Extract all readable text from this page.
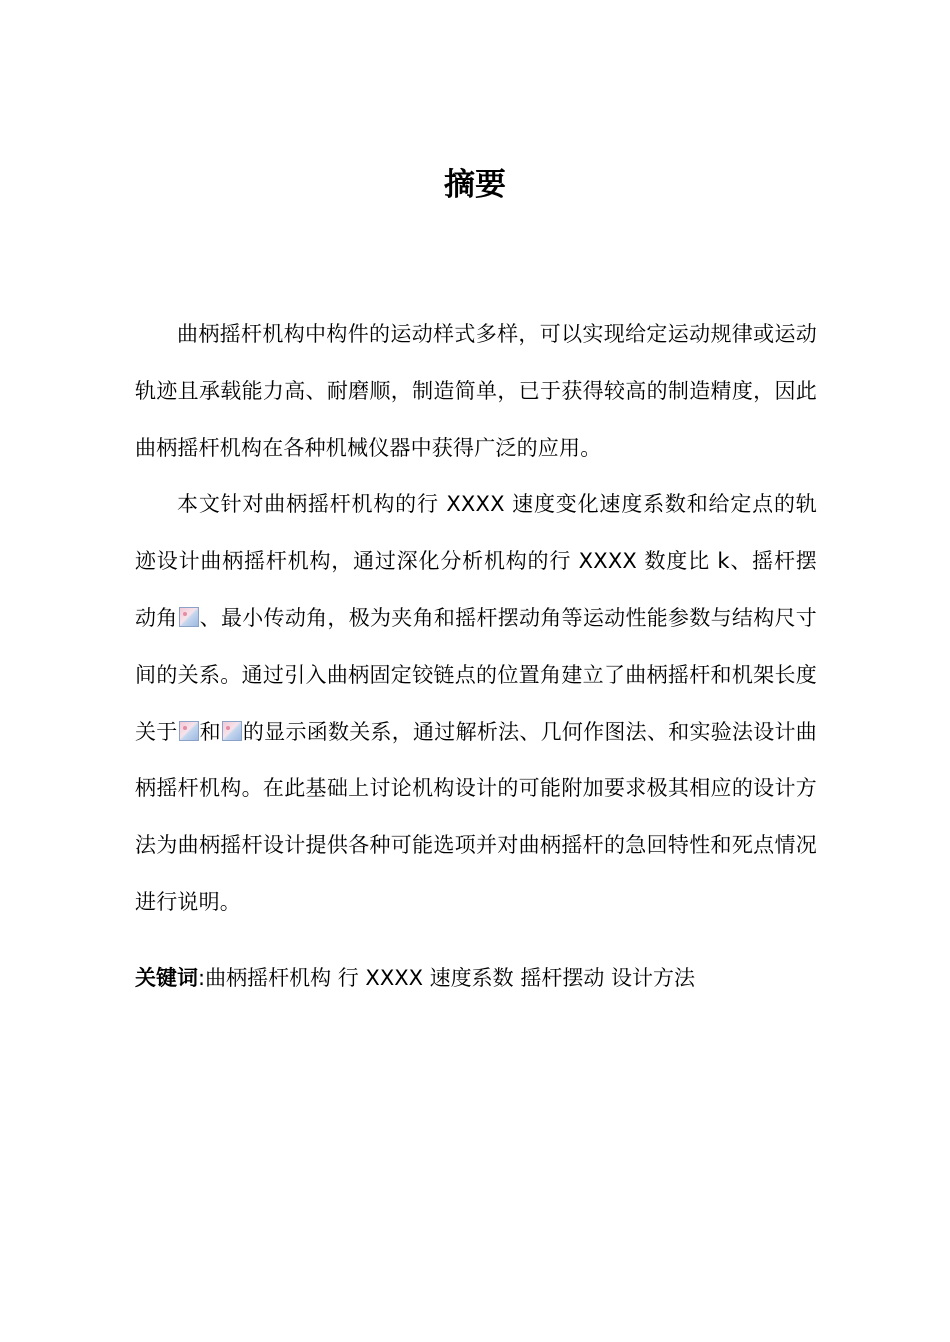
摘要

曲柄摇杆机构中构件的运动样式多样，可以实现给定运动规律或运动轨迹且承载能力高、耐磨顺，制造简单，已于获得较高的制造精度，因此曲柄摇杆机构在各种机械仪器中获得广泛的应用。

本文针对曲柄摇杆机构的行 XXXX 速度变化速度系数和给定点的轨迹设计曲柄摇杆机构，通过深化分析机构的行 XXXX 数度比 k、摇杆摆动角 、最小传动角，极为夹角和摇杆摆动角等运动性能参数与结构尺寸间的关系。通过引入曲柄固定铰链点的位置角建立了曲柄摇杆和机架长度关于 和 的显示函数关系，通过解析法、几何作图法、和实验法设计曲柄摇杆机构。在此基础上讨论机构设计的可能附加要求极其相应的设计方法为曲柄摇杆设计提供各种可能选项并对曲柄摇杆的急回特性和死点情况进行说明。

关键词:曲柄摇杆机构 行 XXXX 速度系数 摇杆摆动 设计方法
